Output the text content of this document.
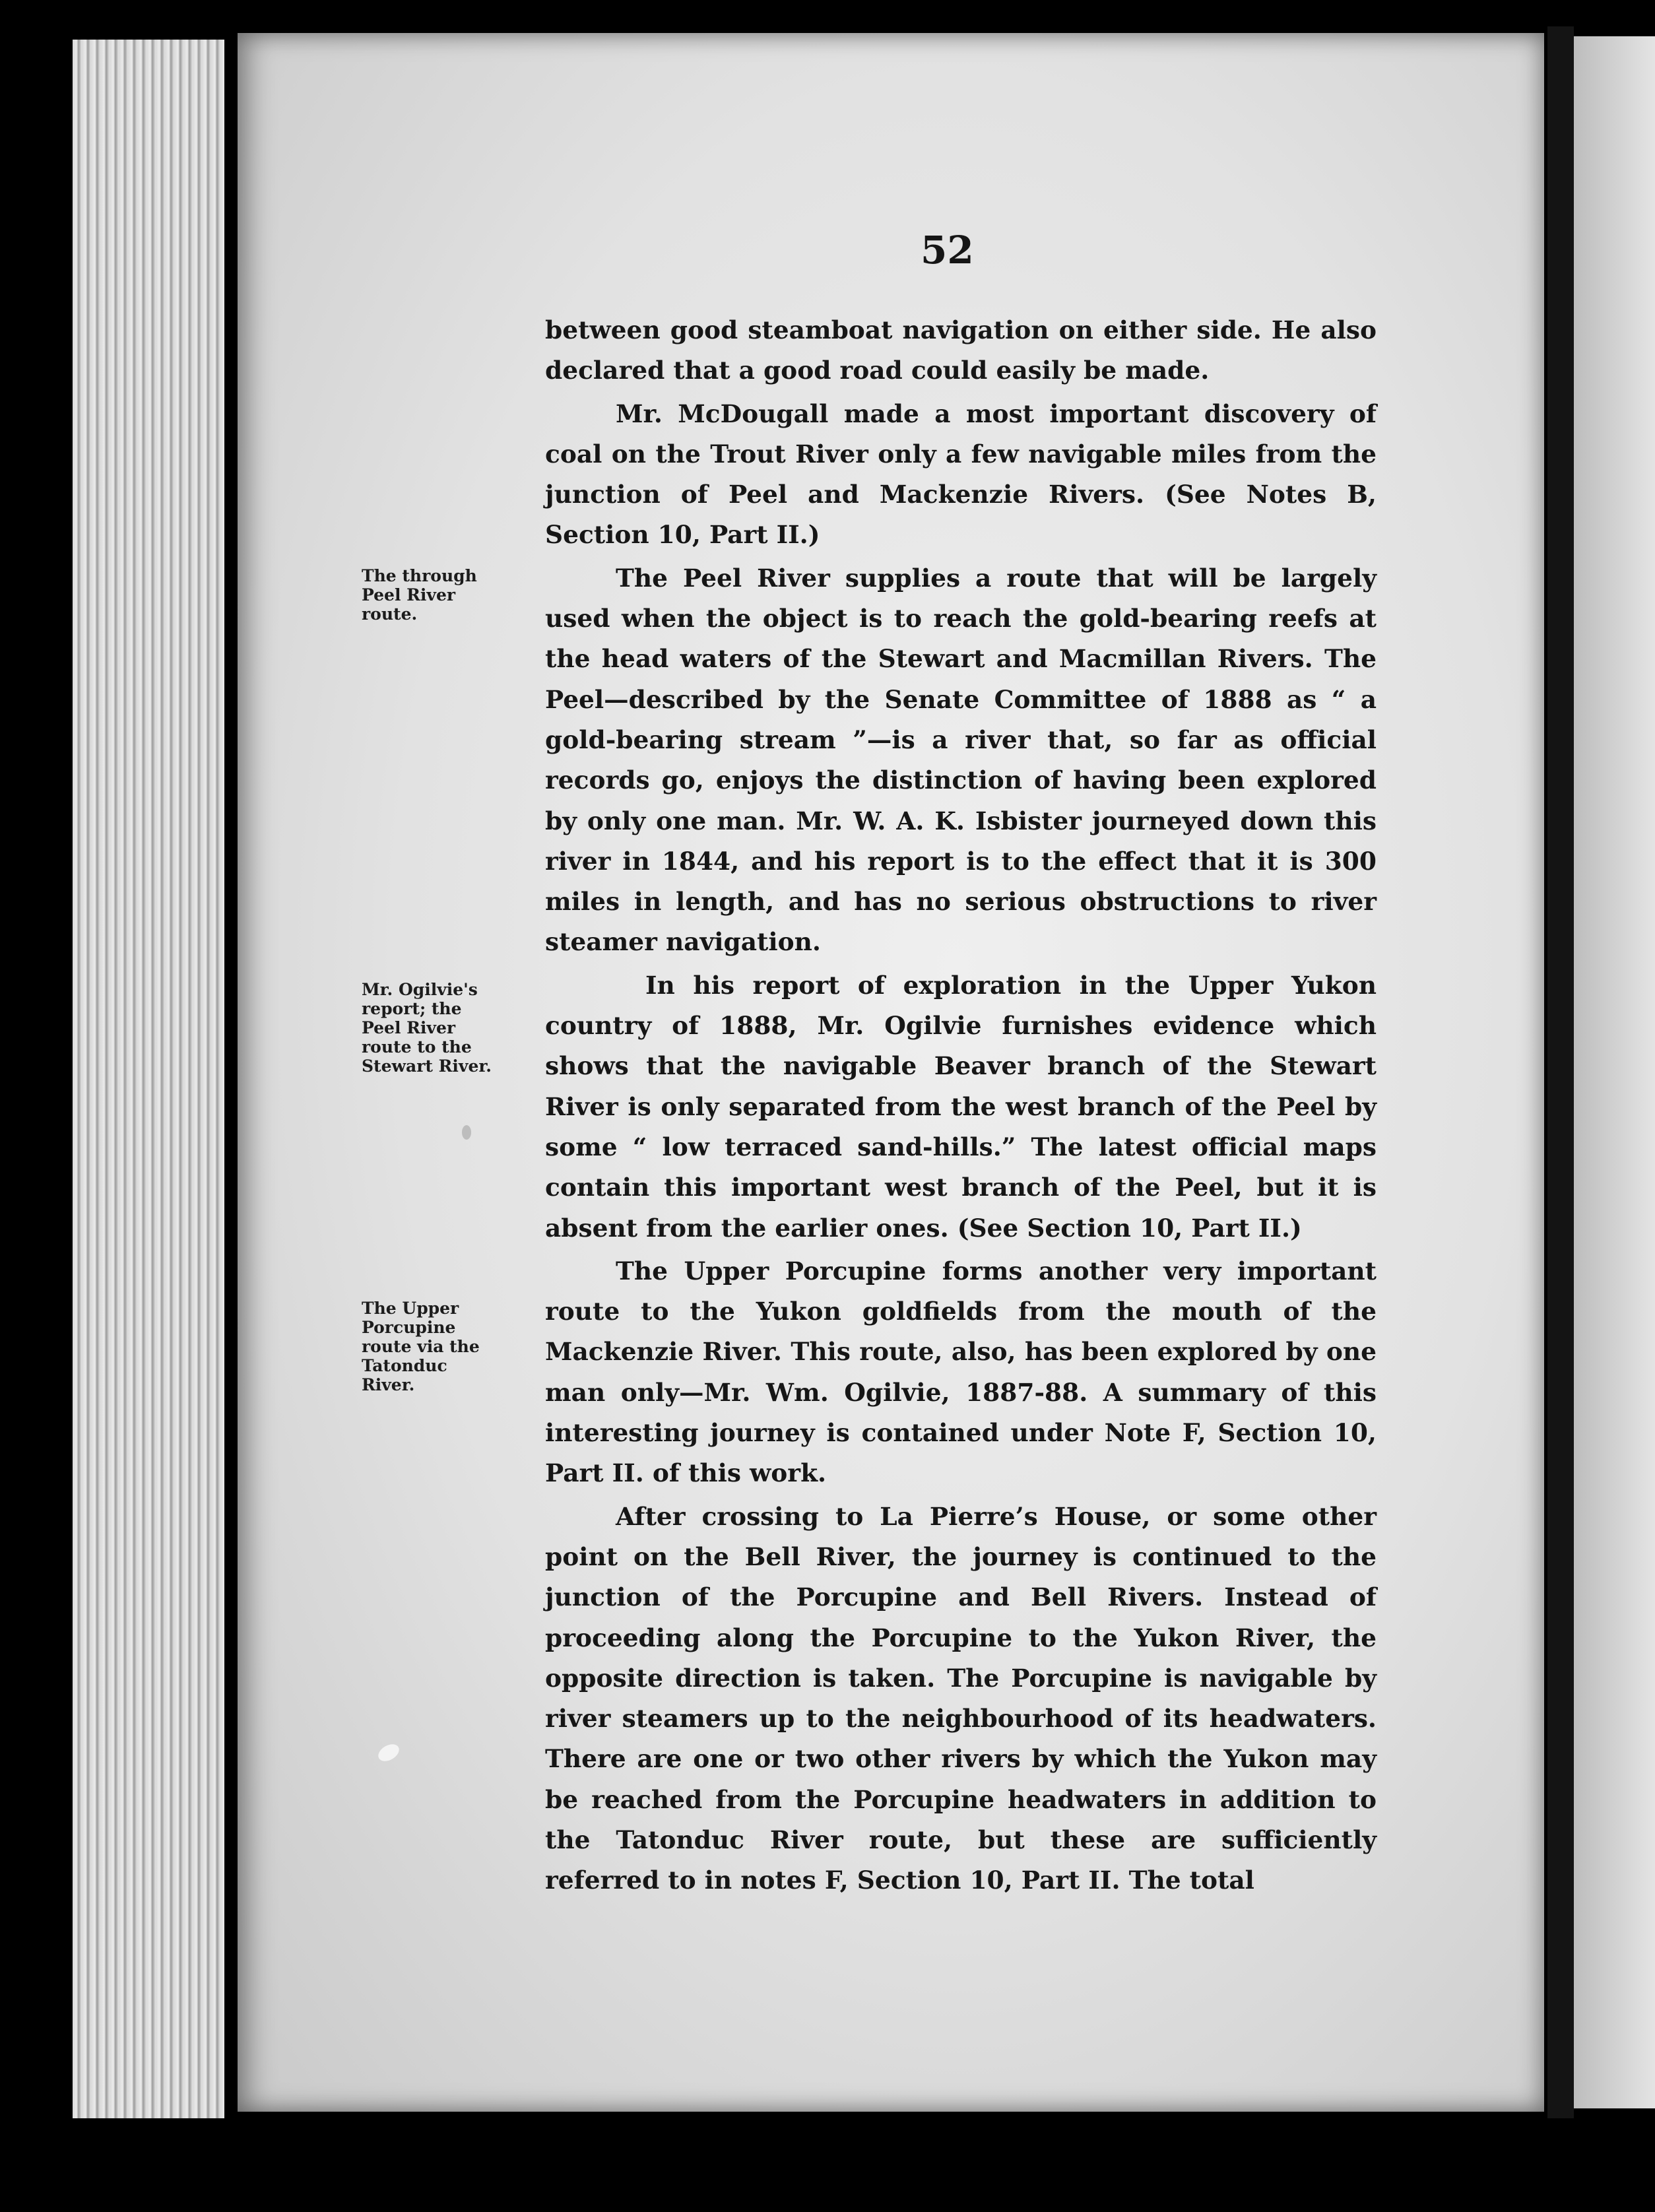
52
The through
Peel River
route.
Mr. Ogilvie's
report; the
Peel River
route to the
Stewart River.
The Upper
Porcupine
route via the
Tatonduc
River.

between good steamboat navigation on either side. He also declared that a good road could easily be made.

Mr. McDougall made a most important discovery of coal on the Trout River only a few navigable miles from the junction of Peel and Mackenzie Rivers. (See Notes B, Section 10, Part II.)

The Peel River supplies a route that will be largely used when the object is to reach the gold-bearing reefs at the head waters of the Stewart and Macmillan Rivers. The Peel—described by the Senate Committee of 1888 as “ a gold-bearing stream ”—is a river that, so far as official records go, enjoys the distinction of having been explored by only one man. Mr. W. A. K. Isbister journeyed down this river in 1844, and his report is to the effect that it is 300 miles in length, and has no serious obstructions to river steamer navigation.

In his report of exploration in the Upper Yukon country of 1888, Mr. Ogilvie furnishes evidence which shows that the navigable Beaver branch of the Stewart River is only separated from the west branch of the Peel by some “ low terraced sand-hills.” The latest official maps contain this important west branch of the Peel, but it is absent from the earlier ones. (See Section 10, Part II.)

The Upper Porcupine forms another very important route to the Yukon goldfields from the mouth of the Mackenzie River. This route, also, has been explored by one man only—Mr. Wm. Ogilvie, 1887-88. A summary of this interesting journey is contained under Note F, Section 10, Part II. of this work.

After crossing to La Pierre’s House, or some other point on the Bell River, the journey is continued to the junction of the Porcupine and Bell Rivers. Instead of proceeding along the Porcupine to the Yukon River, the opposite direction is taken. The Porcupine is navigable by river steamers up to the neighbourhood of its headwaters. There are one or two other rivers by which the Yukon may be reached from the Porcupine headwaters in addition to the Tatonduc River route, but these are sufficiently referred to in notes F, Section 10, Part II. The total
